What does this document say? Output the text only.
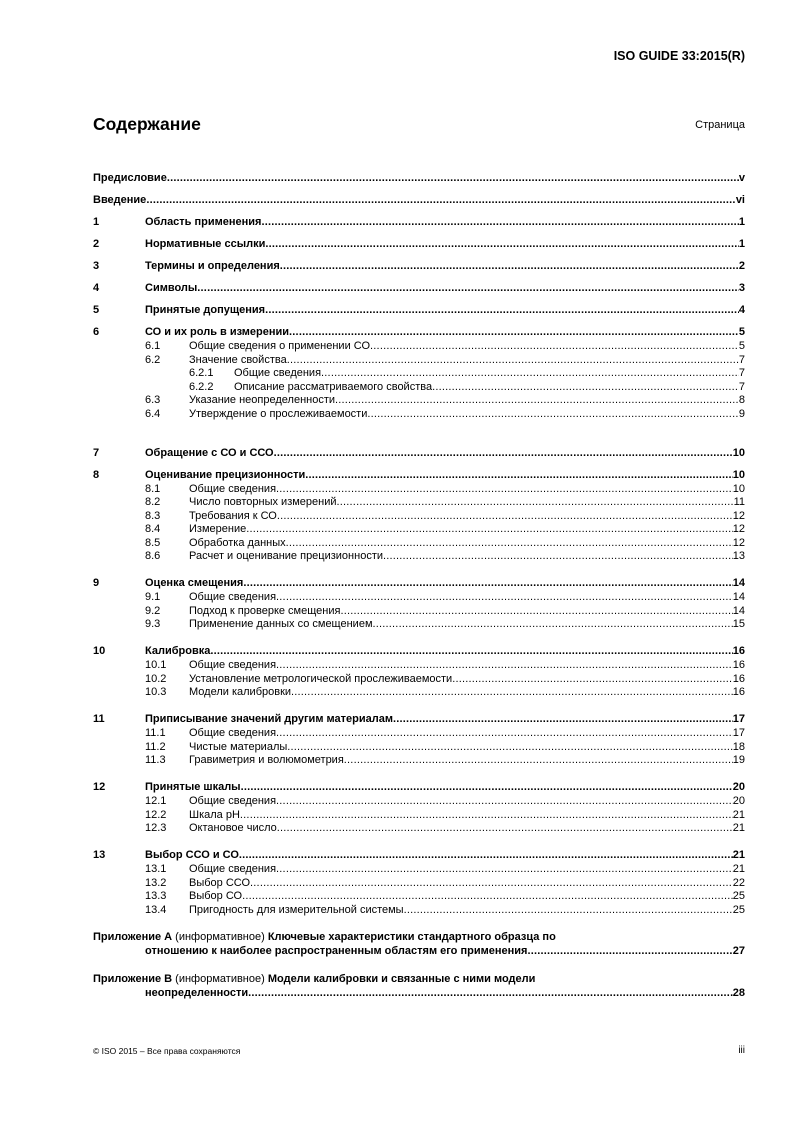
ISO GUIDE 33:2015(R)
Содержание	Страница
Предисловие .....	v
Введение .....	vi
1	Область применения .....	1
2	Нормативные ссылки .....	1
3	Термины и определения .....	2
4	Символы .....	3
5	Принятые допущения .....	4
6	СО и их роль в измерении .....	5
6.1	Общие сведения о применении СО .....	5
6.2	Значение свойства .....	7
6.2.1	Общие сведения .....	7
6.2.2	Описание рассматриваемого свойства .....	7
6.3	Указание неопределенности .....	8
6.4	Утверждение о прослеживаемости .....	9
7	Обращение с СО и ССО .....	10
8	Оценивание прецизионности .....	10
8.1	Общие сведения .....	10
8.2	Число повторных измерений .....	11
8.3	Требования к СО .....	12
8.4	Измерение .....	12
8.5	Обработка данных .....	12
8.6	Расчет и оценивание прецизионности .....	13
9	Оценка смещения .....	14
9.1	Общие сведения .....	14
9.2	Подход к проверке смещения .....	14
9.3	Применение данных со смещением .....	15
10	Калибровка .....	16
10.1	Общие сведения .....	16
10.2	Установление метрологической прослеживаемости .....	16
10.3	Модели калибровки .....	16
11	Приписывание значений другим материалам .....	17
11.1	Общие сведения .....	17
11.2	Чистые материалы .....	18
11.3	Гравиметрия и волюмометрия .....	19
12	Принятые шкалы .....	20
12.1	Общие сведения .....	20
12.2	Шкала pH .....	21
12.3	Октановое число .....	21
13	Выбор ССО и СО .....	21
13.1	Общие сведения .....	21
13.2	Выбор ССО .....	22
13.3	Выбор СО .....	25
13.4	Пригодность для измерительной системы .....	25
Приложение A (информативное) Ключевые характеристики стандартного образца по
отношению к наиболее распространенным областям его применения .....	27
Приложение B (информативное) Модели калибровки и связанные с ними модели
неопределенности .....	28
© ISO 2015 – Все права сохраняются	iii
